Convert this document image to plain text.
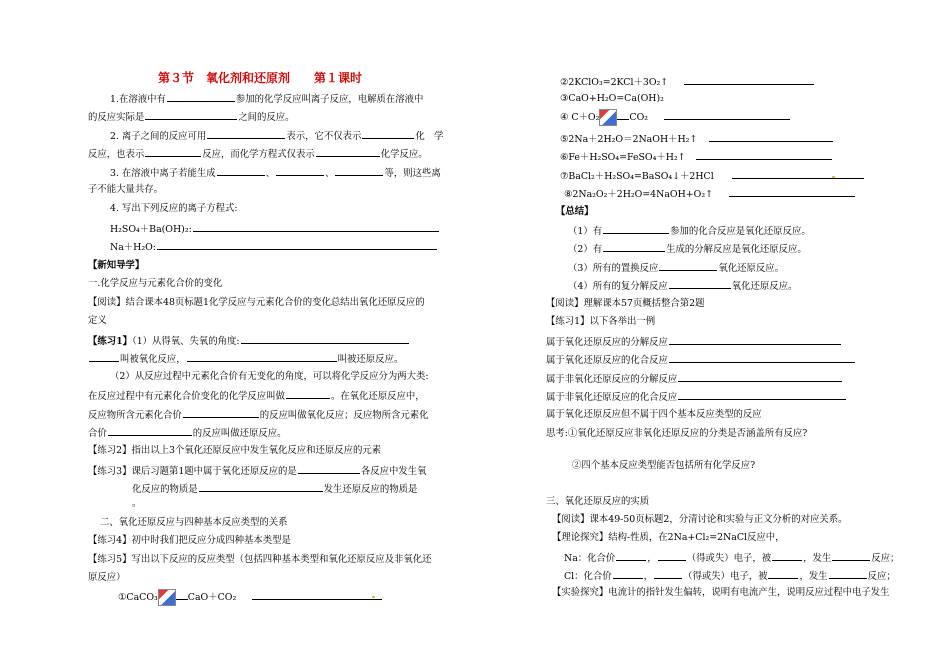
第３节　氧化剂和还原剂　　第１课时
1.在溶液中有	参加的化学反应叫离子反应，电解质在溶液中
的反应实际是	之间的反应。
2. 离子之间的反应可用	表示，它不仅表示	化　学
反应，也表示	反应，而化学方程式仅表示	化学反应。
3. 在溶液中离子若能生成	、	、	等，则这些离
子不能大量共存。
4. 写出下列反应的离子方程式:
H₂SO₄＋Ba(OH)₂:
Na＋H₂O:
【新知导学】
一.化学反应与元素化合价的变化
【阅读】结合课本48页标题1化学反应与元素化合价的变化总结出氧化还原反应的
定义
【练习1】（1）从得氧、失氧的角度:
叫被氧化反应，	叫被还原反应。
（2）从反应过程中元素化合价有无变化的角度，可以将化学反应分为两大类:
在反应过程中有元素化合价变化的化学反应叫做	。在氧化还原反应中，
反应物所含元素化合价	的反应叫做氧化反应；反应物所含元素化
合价	的反应叫做还原反应。
【练习2】指出以上3个氧化还原反应中发生氧化反应和还原反应的元素
【练习3】课后习题第1题中属于氧化还原反应的是	各反应中发生氧
化反应的物质是	发生还原反应的物质是
。
二、氧化还原反应与四种基本反应类型的关系
【练习4】初中时我们把反应分成四种基本类型是
【练习5】写出以下反应的反应类型（包括四种基本类型和氧化还原反应及非氧化还
原反应）
①CaCO₃	CaO＋CO₂
②2KClO₃=2KCl＋3O₂↑
③CaO+H₂O=Ca(OH)₂
④ C＋O₂	CO₂
⑤2Na＋2H₂O＝2NaOH＋H₂↑
⑥Fe＋H₂SO₄=FeSO₄＋H₂↑
⑦BaCl₂＋H₂SO₄=BaSO₄↓＋2HCl
⑧2Na₂O₂＋2H₂O=4NaOH+O₂↑
【总结】
（1）有	参加的化合反应是氧化还原反应。
（2）有	生成的分解反应是氧化还原反应。
（3）所有的置换反应	氧化还原反应。
（4）所有的复分解反应	氧化还原反应。
【阅读】理解课本57页概括整合第2题
【练习1】以下各举出一例
属于氧化还原反应的分解反应
属于氧化还原反应的化合反应
属于非氧化还原反应的分解反应
属于非氧化还原反应的化合反应
属于氧化还原反应但不属于四个基本反应类型的反应
思考:①氧化还原反应非氧化还原反应的分类是否涵盖所有反应?
②四个基本反应类型能否包括所有化学反应?
三、氧化还原反应的实质
【阅读】课本49-50页标题2，分清讨论和实验与正文分析的对应关系。
【理论探究】结构-性质，在2Na+Cl₂=2NaCl反应中，
Na：化合价	，	（得或失）电子，被	，发生	反应；
Cl：化合价	，	（得或失）电子，被	，发生	反应；
【实验探究】电流计的指针发生偏转，说明有电流产生，说明反应过程中电子发生
